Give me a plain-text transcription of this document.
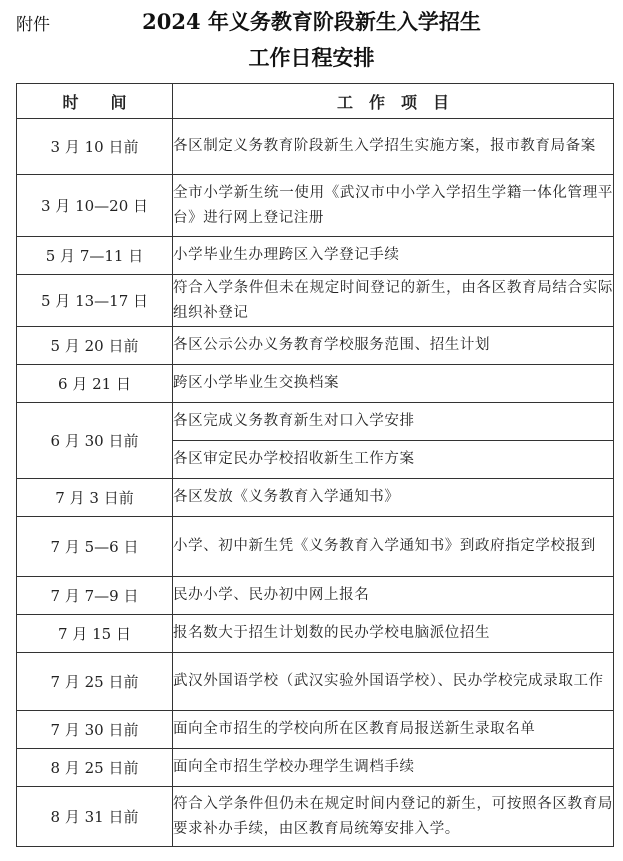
附件	2024 年义务教育阶段新生入学招生
工作日程安排
时　　间	工　作　项　目
3 月 10 日前	各区制定义务教育阶段新生入学招生实施方案，报市教育局备案
3 月 10—20 日	全市小学新生统一使用《武汉市中小学入学招生学籍一体化管理平台》进行网上登记注册
5 月 7—11 日	小学毕业生办理跨区入学登记手续
5 月 13—17 日	符合入学条件但未在规定时间登记的新生，由各区教育局结合实际组织补登记
5 月 20 日前	各区公示公办义务教育学校服务范围、招生计划
6 月 21 日	跨区小学毕业生交换档案
6 月 30 日前	各区完成义务教育新生对口入学安排
	各区审定民办学校招收新生工作方案
7 月 3 日前	各区发放《义务教育入学通知书》
7 月 5—6 日	小学、初中新生凭《义务教育入学通知书》到政府指定学校报到
7 月 7—9 日	民办小学、民办初中网上报名
7 月 15 日	报名数大于招生计划数的民办学校电脑派位招生
7 月 25 日前	武汉外国语学校（武汉实验外国语学校）、民办学校完成录取工作
7 月 30 日前	面向全市招生的学校向所在区教育局报送新生录取名单
8 月 25 日前	面向全市招生学校办理学生调档手续
8 月 31 日前	符合入学条件但仍未在规定时间内登记的新生，可按照各区教育局要求补办手续，由区教育局统筹安排入学。
